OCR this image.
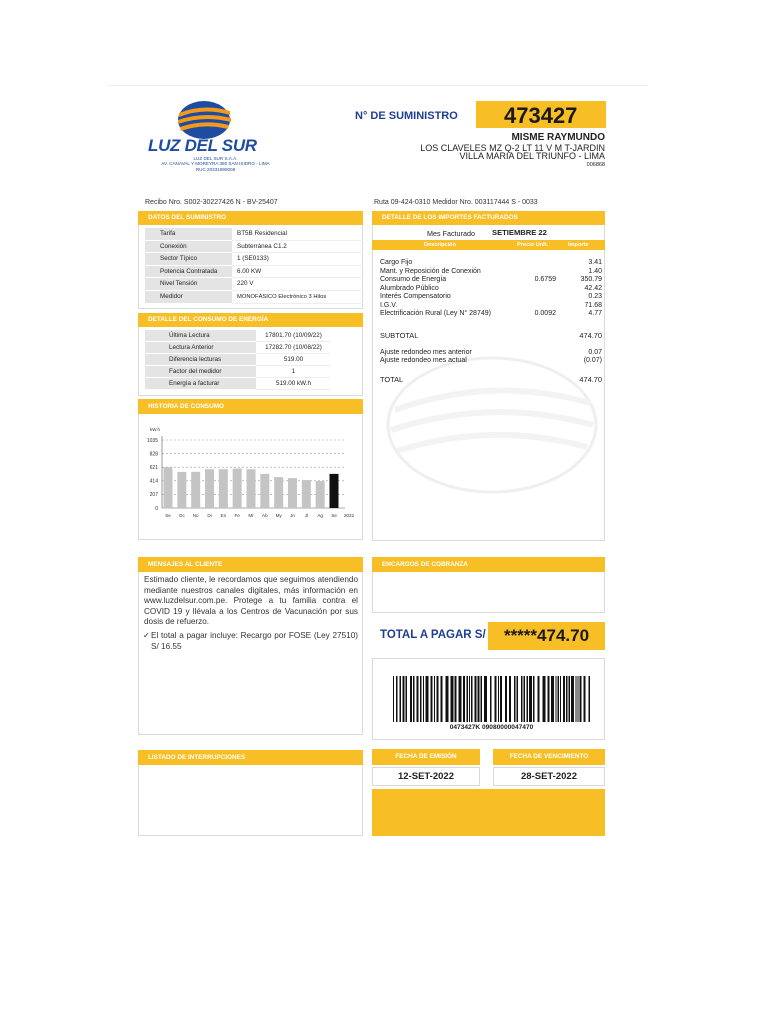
LUZ DEL SUR
LUZ DEL SUR S.A.A.
AV. CANAVAL Y MOREYRA 380 SAN ISIDRO - LIMA
RUC 20331898008
N° DE SUMINISTRO 473427
MISME RAYMUNDO
LOS CLAVELES MZ Q-2 LT 11 V M T-JARDIN
VILLA MARIA DEL TRIUNFO - LIMA
006868
Recibo Nro. S002-30227426 N - BV-25407	Ruta 09-424-0310 Medidor Nro. 003117444 S - 0033
DATOS DEL SUMINISTRO
Tarifa	BT5B Residencial
Conexión	Subterránea C1.2
Sector Típico	1 (SE0133)
Potencia Contratada	6.00 KW
Nivel Tensión	220 V
Medidor	MONOFÁSICO Electrónico 3 Hilos
DETALLE DEL CONSUMO DE ENERGÍA
Última Lectura	17801.70 (10/09/22)
Lectura Anterior	17282.70 (10/08/22)
Diferencia lecturas	519.00
Factor del medidor	1
Energía a facturar	519.00 kW.h
HISTORIA DE CONSUMO
0
207
414
621
828
1035
kW.h
Se Oc No Di En Fe Mr Ab My Jn Jl Ag Se 2022
MENSAJES AL CLIENTE

Estimado cliente, le recordamos que seguimos atendiendo mediante nuestros canales digitales, más información en www.luzdelsur.com.pe. Protege a tu familia contra el COVID 19 y llévala a los Centros de Vacunación por sus dosis de refuerzo.

✓

El total a pagar incluye: Recargo por FOSE (Ley 27510) S/ 16.55

LISTADO DE INTERRUPCIONES
DETALLE DE LOS IMPORTES FACTURADOS
Mes Facturado SETIEMBRE 22
Descripción	Precio Unit.	Importe
Cargo Fijo	3.41
Mant. y Reposición de Conexión	1.40
Consumo de Energía	0.6759	350.79
Alumbrado Público	42.42
Interés Compensatorio	0.23
I.G.V.	71.68
Electrificación Rural (Ley N° 28749)	0.0092	4.77
SUBTOTAL	474.70
Ajuste redondeo mes anterior	0.07
Ajuste redondeo mes actual	(0.07)
TOTAL	474.70
ENCARGOS DE COBRANZA
TOTAL A PAGAR S/	*****474.70
0473427K 09080000047470
FECHA DE EMISIÓN	FECHA DE VENCIMIENTO
12-SET-2022	28-SET-2022
